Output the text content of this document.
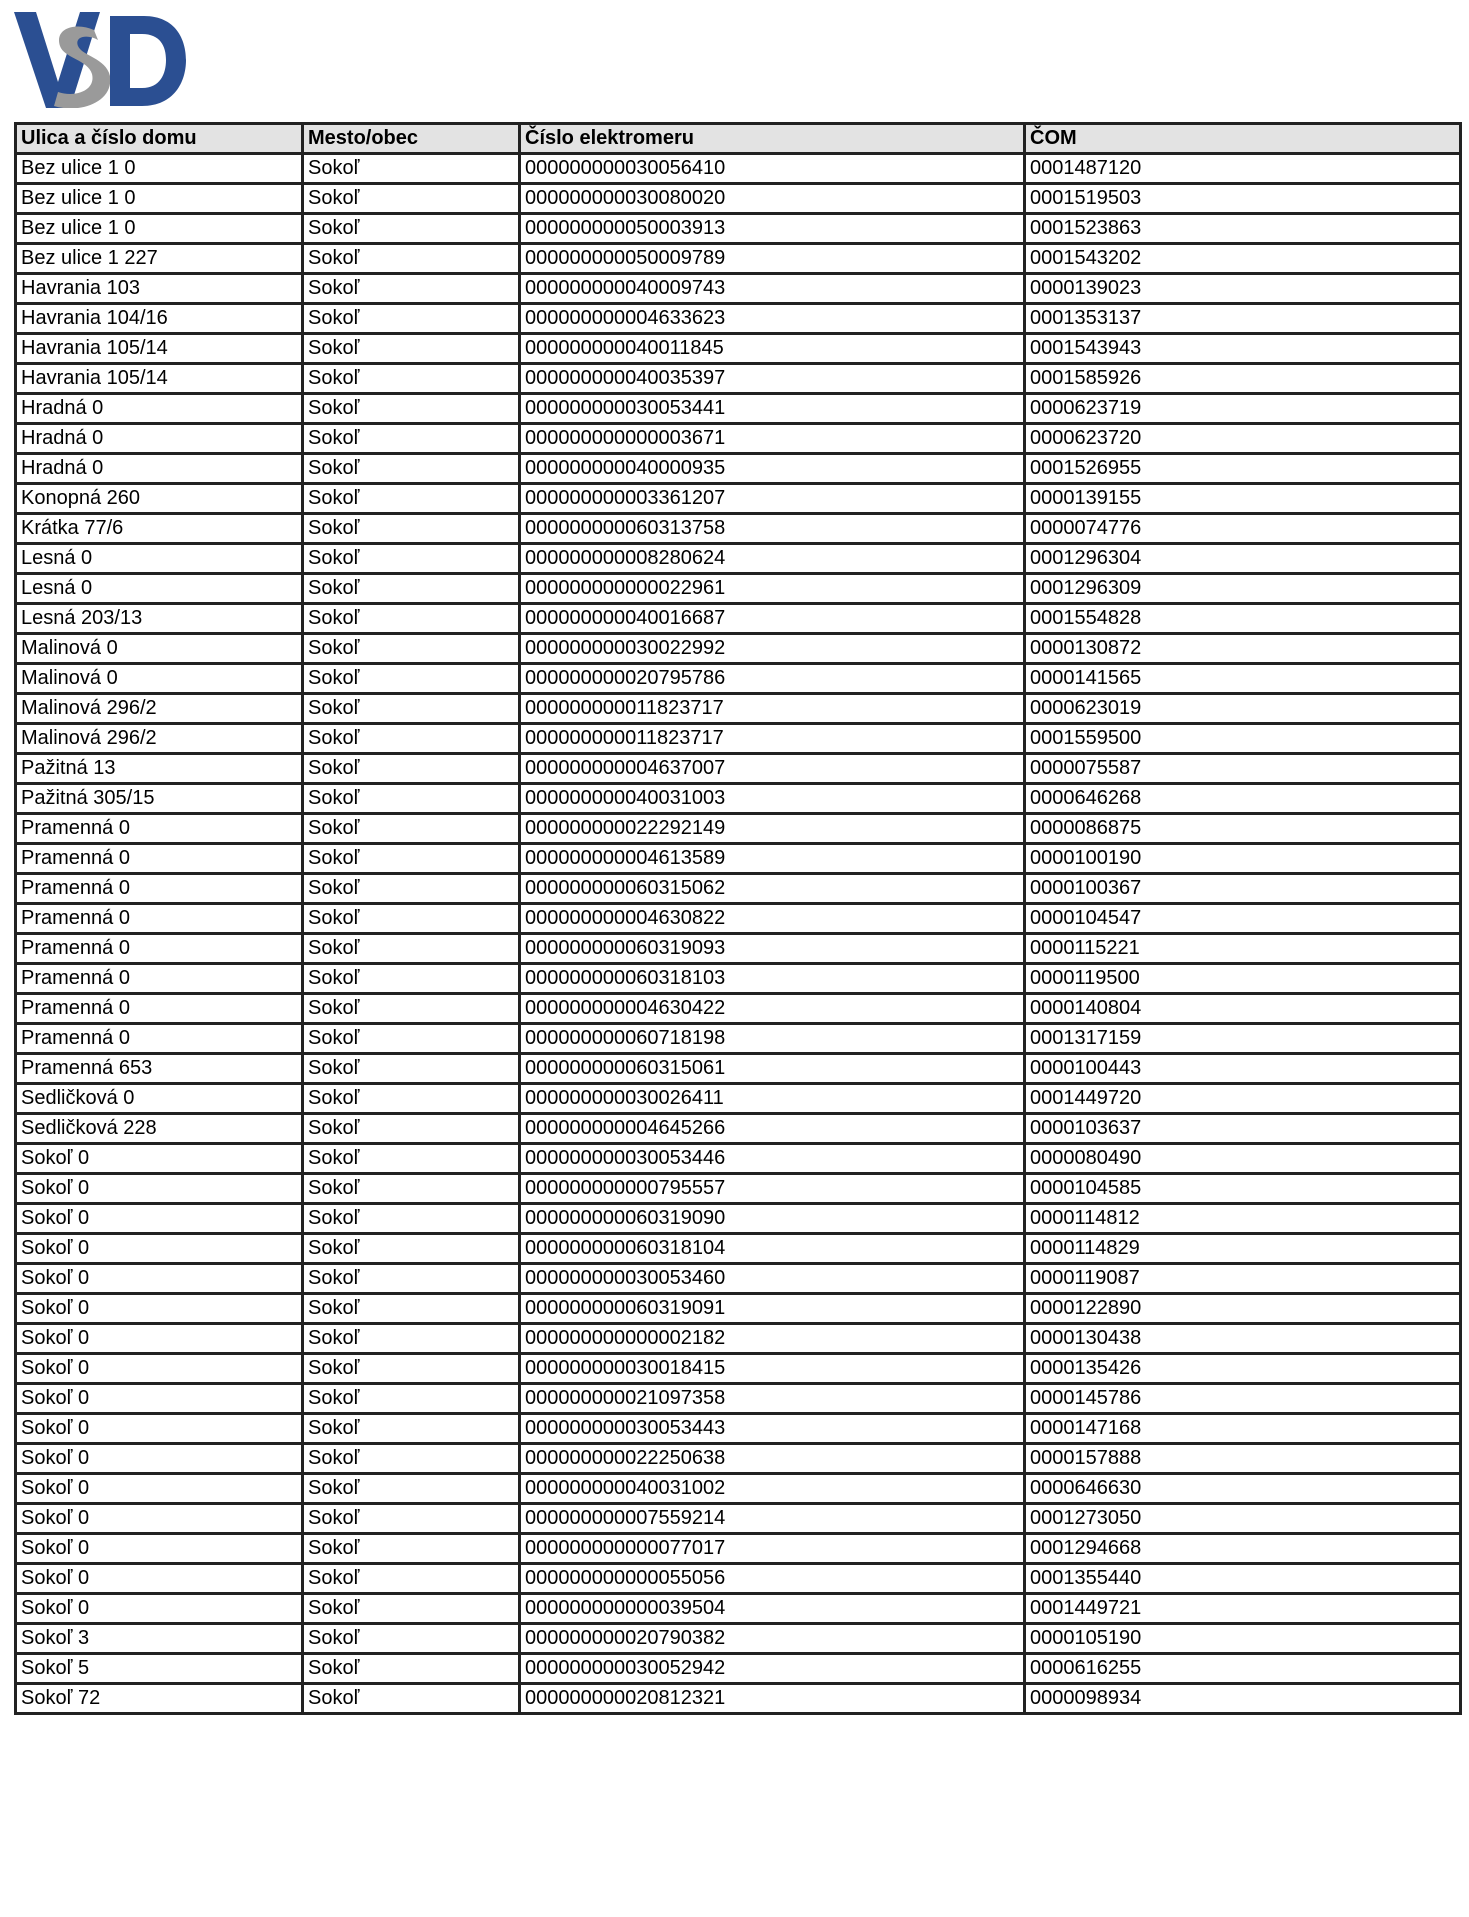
Ulica a číslo domu	Mesto/obec	Číslo elektromeru	ČOM
Bez ulice 1 0	Sokoľ	000000000030056410	0001487120
Bez ulice 1 0	Sokoľ	000000000030080020	0001519503
Bez ulice 1 0	Sokoľ	000000000050003913	0001523863
Bez ulice 1 227	Sokoľ	000000000050009789	0001543202
Havrania 103	Sokoľ	000000000040009743	0000139023
Havrania 104/16	Sokoľ	000000000004633623	0001353137
Havrania 105/14	Sokoľ	000000000040011845	0001543943
Havrania 105/14	Sokoľ	000000000040035397	0001585926
Hradná 0	Sokoľ	000000000030053441	0000623719
Hradná 0	Sokoľ	000000000000003671	0000623720
Hradná 0	Sokoľ	000000000040000935	0001526955
Konopná 260	Sokoľ	000000000003361207	0000139155
Krátka 77/6	Sokoľ	000000000060313758	0000074776
Lesná 0	Sokoľ	000000000008280624	0001296304
Lesná 0	Sokoľ	000000000000022961	0001296309
Lesná 203/13	Sokoľ	000000000040016687	0001554828
Malinová 0	Sokoľ	000000000030022992	0000130872
Malinová 0	Sokoľ	000000000020795786	0000141565
Malinová 296/2	Sokoľ	000000000011823717	0000623019
Malinová 296/2	Sokoľ	000000000011823717	0001559500
Pažitná 13	Sokoľ	000000000004637007	0000075587
Pažitná 305/15	Sokoľ	000000000040031003	0000646268
Pramenná 0	Sokoľ	000000000022292149	0000086875
Pramenná 0	Sokoľ	000000000004613589	0000100190
Pramenná 0	Sokoľ	000000000060315062	0000100367
Pramenná 0	Sokoľ	000000000004630822	0000104547
Pramenná 0	Sokoľ	000000000060319093	0000115221
Pramenná 0	Sokoľ	000000000060318103	0000119500
Pramenná 0	Sokoľ	000000000004630422	0000140804
Pramenná 0	Sokoľ	000000000060718198	0001317159
Pramenná 653	Sokoľ	000000000060315061	0000100443
Sedličková 0	Sokoľ	000000000030026411	0001449720
Sedličková 228	Sokoľ	000000000004645266	0000103637
Sokoľ 0	Sokoľ	000000000030053446	0000080490
Sokoľ 0	Sokoľ	000000000000795557	0000104585
Sokoľ 0	Sokoľ	000000000060319090	0000114812
Sokoľ 0	Sokoľ	000000000060318104	0000114829
Sokoľ 0	Sokoľ	000000000030053460	0000119087
Sokoľ 0	Sokoľ	000000000060319091	0000122890
Sokoľ 0	Sokoľ	000000000000002182	0000130438
Sokoľ 0	Sokoľ	000000000030018415	0000135426
Sokoľ 0	Sokoľ	000000000021097358	0000145786
Sokoľ 0	Sokoľ	000000000030053443	0000147168
Sokoľ 0	Sokoľ	000000000022250638	0000157888
Sokoľ 0	Sokoľ	000000000040031002	0000646630
Sokoľ 0	Sokoľ	000000000007559214	0001273050
Sokoľ 0	Sokoľ	000000000000077017	0001294668
Sokoľ 0	Sokoľ	000000000000055056	0001355440
Sokoľ 0	Sokoľ	000000000000039504	0001449721
Sokoľ 3	Sokoľ	000000000020790382	0000105190
Sokoľ 5	Sokoľ	000000000030052942	0000616255
Sokoľ 72	Sokoľ	000000000020812321	0000098934
